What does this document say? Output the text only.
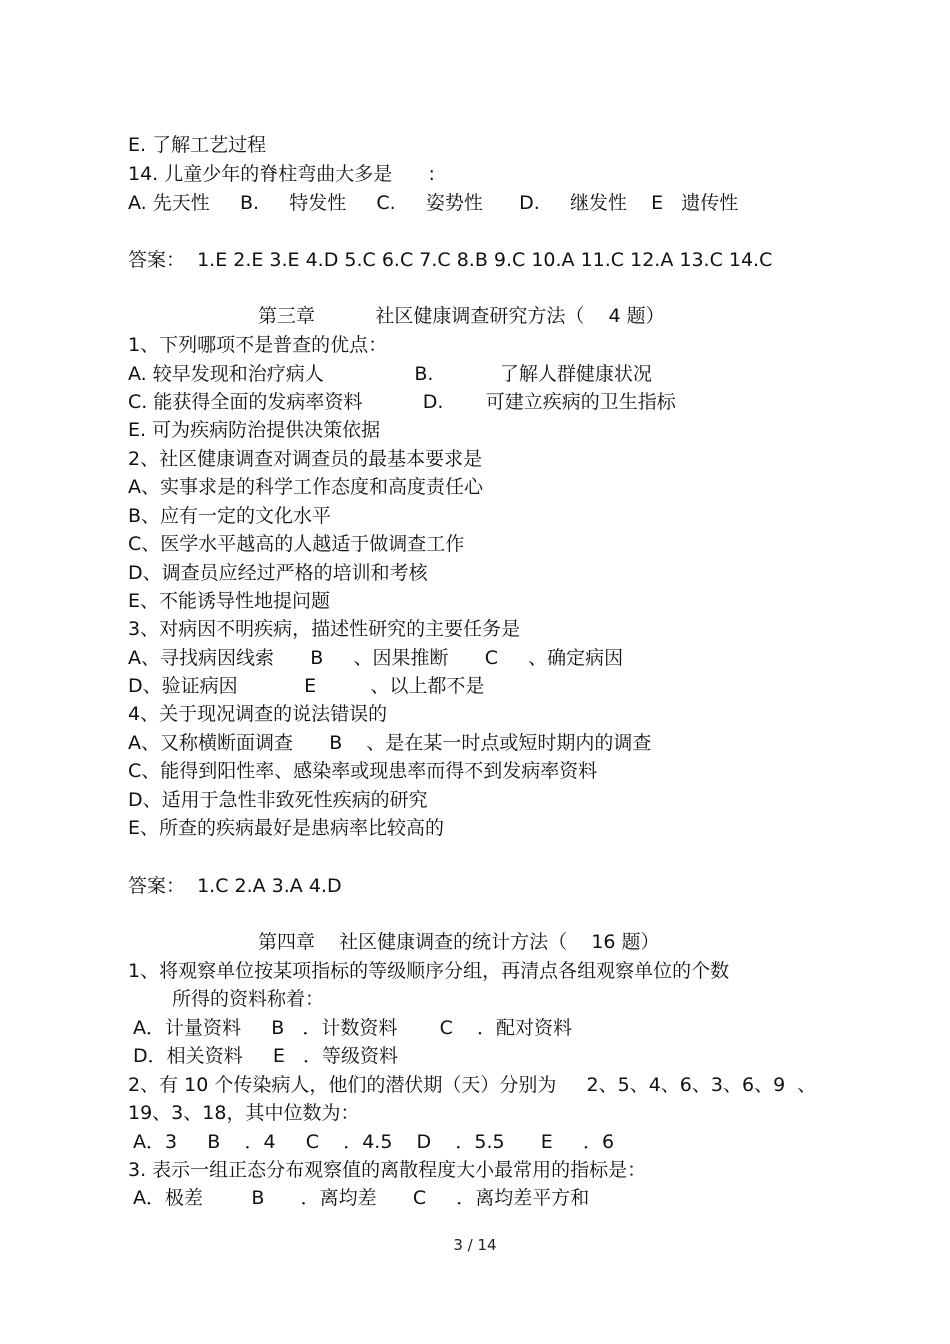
E. 了解工艺过程
14. 儿童少年的脊柱弯曲大多是      :
A. 先天性     B.     特发性     C.     姿势性      D.     继发性    E   遗传性
答案：  1.E 2.E 3.E 4.D 5.C 6.C 7.C 8.B 9.C 10.A 11.C 12.A 13.C 14.C
第三章          社区健康调查研究方法（    4 题）
1、下列哪项不是普查的优点：
A. 较早发现和治疗病人               B.           了解人群健康状况
C. 能获得全面的发病率资料          D.       可建立疾病的卫生指标
E. 可为疾病防治提供决策依据
2、社区健康调查对调查员的最基本要求是
A、实事求是的科学工作态度和高度责任心
B、应有一定的文化水平
C、医学水平越高的人越适于做调查工作
D、调查员应经过严格的培训和考核
E、不能诱导性地提问题
3、对病因不明疾病，描述性研究的主要任务是
A、寻找病因线索      B     、因果推断      C     、确定病因
D、验证病因           E         、以上都不是
4、关于现况调查的说法错误的
A、又称横断面调查      B    、是在某一时点或短时期内的调查
C、能得到阳性率、感染率或现患率而得不到发病率资料
D、适用于急性非致死性疾病的研究
E、所查的疾病最好是患病率比较高的
答案：  1.C 2.A 3.A 4.D
第四章    社区健康调查的统计方法（    16 题）
1、将观察单位按某项指标的等级顺序分组，再清点各组观察单位的个数
所得的资料称着：
A．计量资料     B   ．计数资料       C    ．配对资料
D．相关资料     E   ．等级资料
2、有 10 个传染病人，他们的潜伏期（天）分别为     2、5、4、6、3、6、9  、
19、3、18，其中位数为：
A．3     B    ．4     C    ．4.5    D    ．5.5      E     ．6
3. 表示一组正态分布观察值的离散程度大小最常用的指标是：
A．极差        B      ．离均差      C     ．离均差平方和
3 / 14
